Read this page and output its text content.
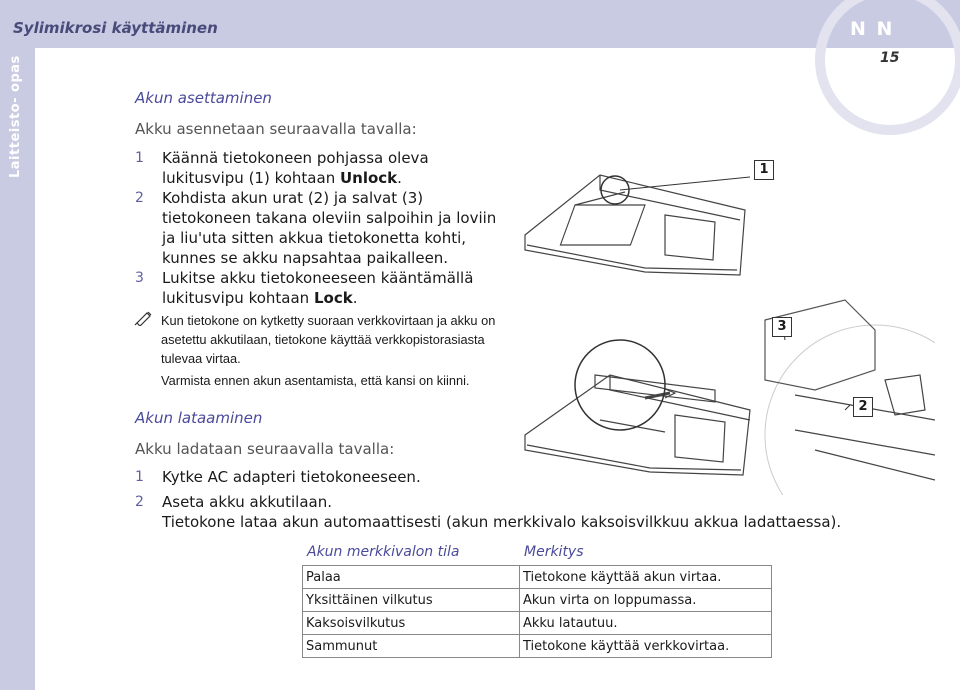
Sylimikrosi käyttäminen
Laitteisto- opas
N N
15
Akun asettaminen
Akku asennetaan seuraavalla tavalla:
1 Käännä tietokoneen pohjassa oleva
lukitusvipu (1) kohtaan Unlock.
2 Kohdista akun urat (2) ja salvat (3)
tietokoneen takana oleviin salpoihin ja loviin
ja liu'uta sitten akkua tietokonetta kohti,
kunnes se akku napsahtaa paikalleen.
3 Lukitse akku tietokoneeseen kääntämällä
lukitusvipu kohtaan Lock.
Kun tietokone on kytketty suoraan verkkovirtaan ja akku on
asetettu akkutilaan, tietokone käyttää verkkopistorasiasta
tulevaa virtaa.
Varmista ennen akun asentamista, että kansi on kiinni.
Akun lataaminen
Akku ladataan seuraavalla tavalla:
1 Kytke AC adapteri tietokoneeseen.
2 Aseta akku akkutilaan.
Tietokone lataa akun automaattisesti (akun merkkivalo kaksoisvilkkuu akkua ladattaessa).
Akun merkkivalon tila	Merkitys
Palaa	Tietokone käyttää akun virtaa.
Yksittäinen vilkutus	Akun virta on loppumassa.
Kaksoisvilkutus	Akku latautuu.
Sammunut	Tietokone käyttää verkkovirtaa.
1
3
2
